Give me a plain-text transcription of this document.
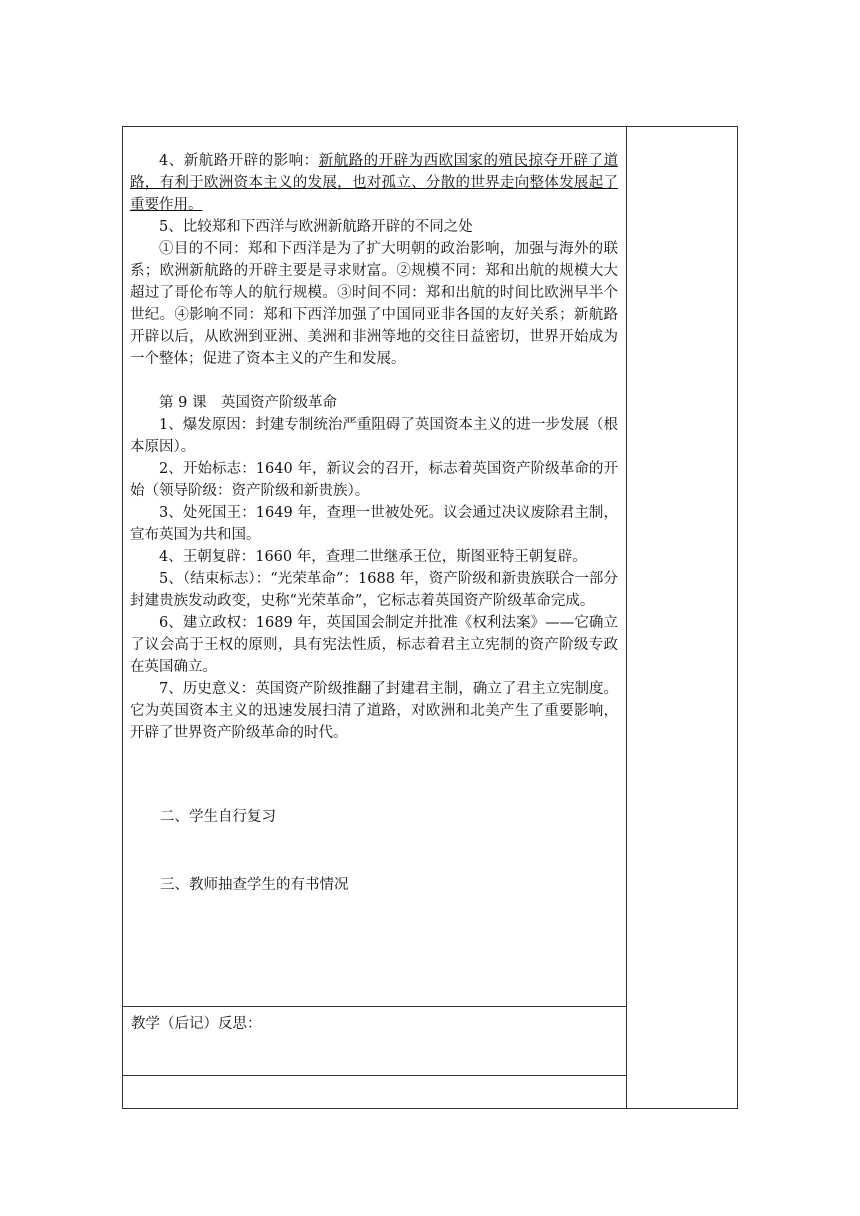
4、新航路开辟的影响：新航路的开辟为西欧国家的殖民掠夺开辟了道路，有利于欧洲资本主义的发展，也对孤立、分散的世界走向整体发展起了重要作用。

5、比较郑和下西洋与欧洲新航路开辟的不同之处

①目的不同：郑和下西洋是为了扩大明朝的政治影响，加强与海外的联系；欧洲新航路的开辟主要是寻求财富。②规模不同：郑和出航的规模大大超过了哥伦布等人的航行规模。③时间不同：郑和出航的时间比欧洲早半个世纪。④影响不同：郑和下西洋加强了中国同亚非各国的友好关系；新航路开辟以后，从欧洲到亚洲、美洲和非洲等地的交往日益密切，世界开始成为一个整体；促进了资本主义的产生和发展。

第 9 课　英国资产阶级革命

1、爆发原因：封建专制统治严重阻碍了英国资本主义的进一步发展（根本原因）。

2、开始标志：1640 年，新议会的召开，标志着英国资产阶级革命的开始（领导阶级：资产阶级和新贵族）。

3、处死国王：1649 年，查理一世被处死。议会通过决议废除君主制，宣布英国为共和国。

4、王朝复辟：1660 年，查理二世继承王位，斯图亚特王朝复辟。

5、（结束标志）：“光荣革命”：1688 年，资产阶级和新贵族联合一部分封建贵族发动政变，史称“光荣革命”，它标志着英国资产阶级革命完成。

6、建立政权：1689 年，英国国会制定并批准《权利法案》——它确立了议会高于王权的原则，具有宪法性质，标志着君主立宪制的资产阶级专政在英国确立。

7、历史意义：英国资产阶级推翻了封建君主制，确立了君主立宪制度。它为英国资本主义的迅速发展扫清了道路，对欧洲和北美产生了重要影响，开辟了世界资产阶级革命的时代。

二、学生自行复习
三、教师抽查学生的有书情况
教学（后记）反思：
